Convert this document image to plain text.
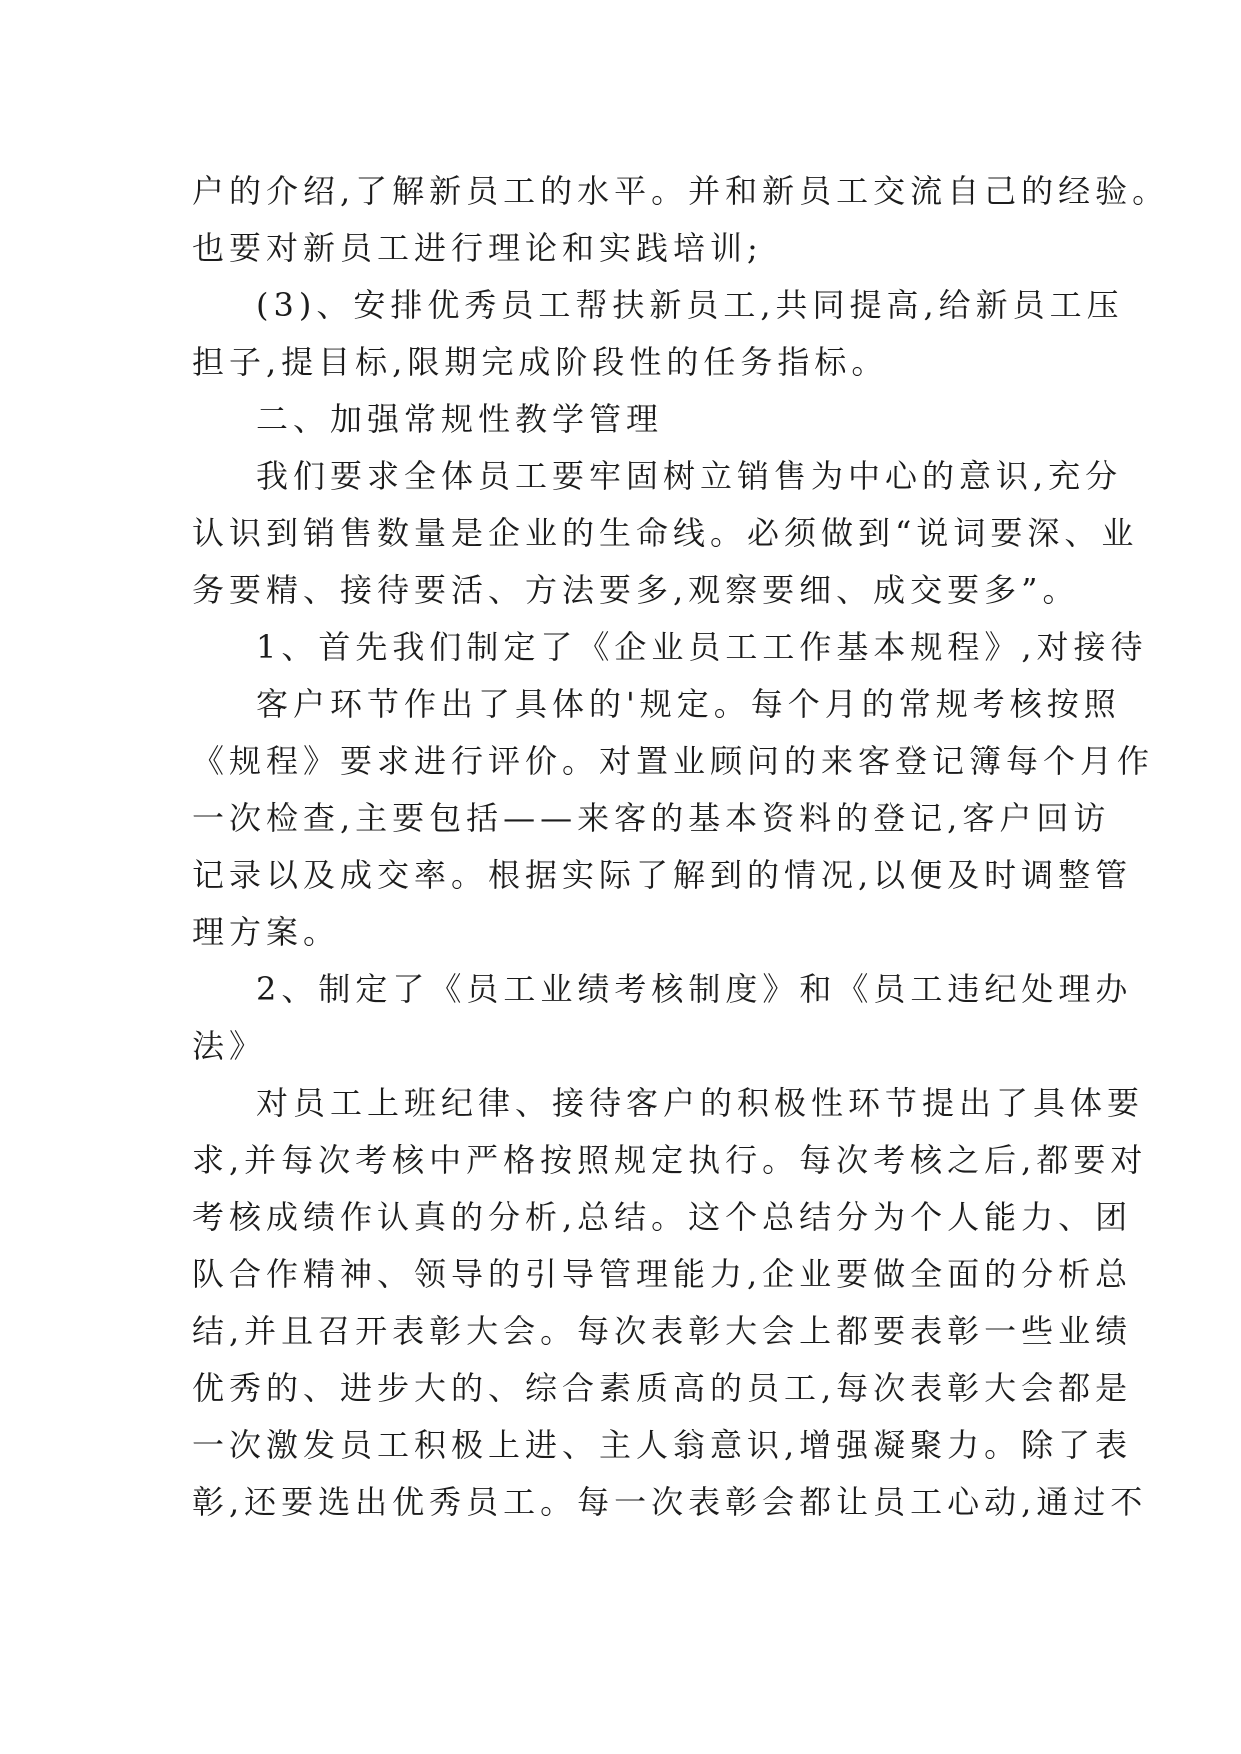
户的介绍,了解新员工的水平。并和新员工交流自己的经验。
也要对新员工进行理论和实践培训;
(3)、安排优秀员工帮扶新员工,共同提高,给新员工压
担子,提目标,限期完成阶段性的任务指标。
二、加强常规性教学管理
我们要求全体员工要牢固树立销售为中心的意识,充分
认识到销售数量是企业的生命线。必须做到“说词要深、业
务要精、接待要活、方法要多,观察要细、成交要多”。
1、首先我们制定了《企业员工工作基本规程》,对接待
客户环节作出了具体的'规定。每个月的常规考核按照
《规程》要求进行评价。对置业顾问的来客登记簿每个月作
一次检查,主要包括——来客的基本资料的登记,客户回访
记录以及成交率。根据实际了解到的情况,以便及时调整管
理方案。
2、制定了《员工业绩考核制度》和《员工违纪处理办
法》
对员工上班纪律、接待客户的积极性环节提出了具体要
求,并每次考核中严格按照规定执行。每次考核之后,都要对
考核成绩作认真的分析,总结。这个总结分为个人能力、团
队合作精神、领导的引导管理能力,企业要做全面的分析总
结,并且召开表彰大会。每次表彰大会上都要表彰一些业绩
优秀的、进步大的、综合素质高的员工,每次表彰大会都是
一次激发员工积极上进、主人翁意识,增强凝聚力。除了表
彰,还要选出优秀员工。每一次表彰会都让员工心动,通过不
